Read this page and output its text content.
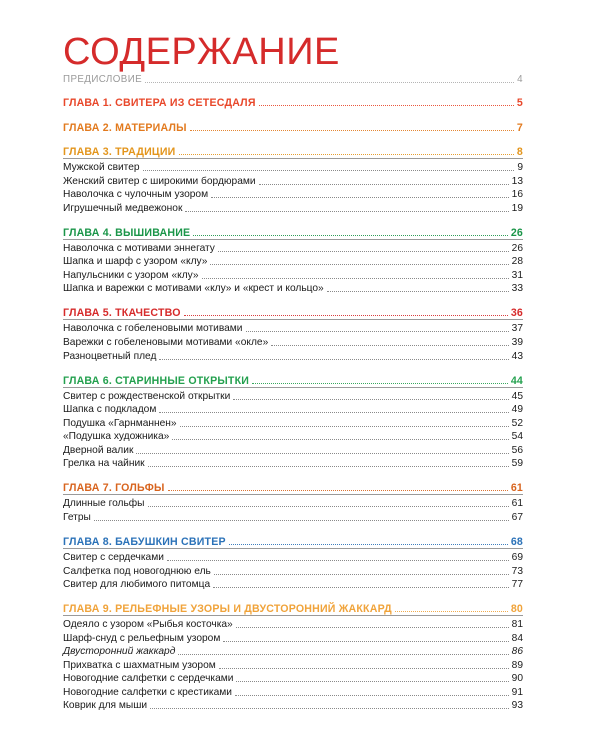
СОДЕРЖАНИЕ
ПРЕДИСЛОВИЕ	4
ГЛАВА 1. СВИТЕРА ИЗ СЕТЕСДАЛЯ	5
ГЛАВА 2. МАТЕРИАЛЫ	7
ГЛАВА 3. ТРАДИЦИИ	8
Мужской свитер	9
Женский свитер с широкими бордюрами	13
Наволочка с чулочным узором	16
Игрушечный медвежонок	19
ГЛАВА 4. ВЫШИВАНИЕ	26
Наволочка с мотивами эннегату	26
Шапка и шарф с узором «клу»	28
Напульсники с узором «клу»	31
Шапка и варежки с мотивами «клу» и «крест и кольцо»	33
ГЛАВА 5. ТКАЧЕСТВО	36
Наволочка с гобеленовыми мотивами	37
Варежки с гобеленовыми мотивами «окле»	39
Разноцветный плед	43
ГЛАВА 6. СТАРИННЫЕ ОТКРЫТКИ	44
Свитер с рождественской открытки	45
Шапка с подкладом	49
Подушка «Гарнманнен»	52
«Подушка художника»	54
Дверной валик	56
Грелка на чайник	59
ГЛАВА 7. ГОЛЬФЫ	61
Длинные гольфы	61
Гетры	67
ГЛАВА 8. БАБУШКИН СВИТЕР	68
Свитер с сердечками	69
Салфетка под новогоднюю ель	73
Свитер для любимого питомца	77
ГЛАВА 9. РЕЛЬЕФНЫЕ УЗОРЫ И ДВУСТОРОННИЙ ЖАККАРД	80
Одеяло с узором «Рыбья косточка»	81
Шарф-снуд с рельефным узором	84
Двусторонний жаккард	86
Прихватка с шахматным узором	89
Новогодние салфетки с сердечками	90
Новогодние салфетки с крестиками	91
Коврик для мыши	93
